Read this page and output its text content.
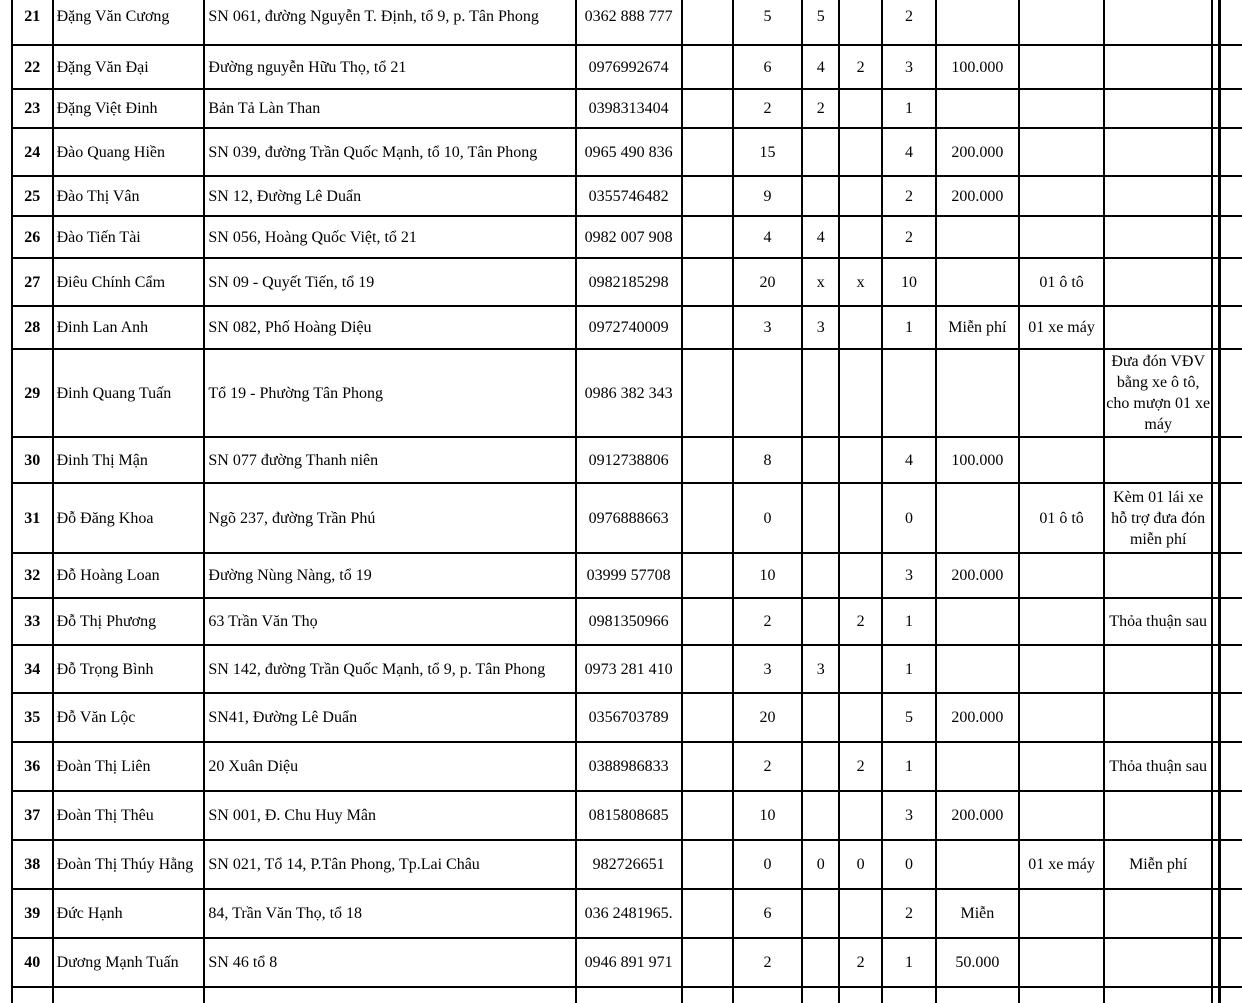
21	Đặng Văn Cương	SN 061, đường Nguyễn T. Định, tổ 9, p. Tân Phong	0362 888 777		5	5		2				
22	Đặng Văn Đại	Đường nguyễn Hữu Thọ, tổ 21	0976992674		6	4	2	3	100.000			
23	Đặng Việt Đinh	Bản Tả Làn Than	0398313404		2	2		1				
24	Đào Quang Hiền	SN 039, đường Trần Quốc Mạnh, tổ 10, Tân Phong	0965 490 836		15			4	200.000			
25	Đào Thị Vân	SN 12, Đường Lê Duẩn	0355746482		9			2	200.000			
26	Đào Tiến Tài	SN 056, Hoàng Quốc Việt, tổ 21	0982 007 908		4	4		2				
27	Điêu Chính Cẩm	SN 09 - Quyết Tiến, tổ 19	0982185298		20	x	x	10		01 ô tô		
28	Đinh Lan Anh	SN 082, Phố Hoàng Diệu	0972740009		3	3		1	Miễn phí	01 xe máy		
29	Đinh Quang Tuấn	Tổ 19 - Phường Tân Phong	0986 382 343								Đưa đón VĐV bằng xe ô tô, cho mượn 01 xe máy	
30	Đinh Thị Mận	SN 077 đường Thanh niên	0912738806		8			4	100.000			
31	Đỗ Đăng Khoa	Ngõ 237, đường Trần Phú	0976888663		0			0		01 ô tô	Kèm 01 lái xe hỗ trợ đưa đón miễn phí	
32	Đỗ Hoàng Loan	Đường Nùng Nàng, tổ 19	03999 57708		10			3	200.000			
33	Đỗ Thị Phương	63 Trần Văn Thọ	0981350966		2		2	1			Thỏa thuận sau	
34	Đỗ Trọng Bình	SN 142, đường Trần Quốc Mạnh, tổ 9, p. Tân Phong	0973 281 410		3	3		1				
35	Đỗ Văn Lộc	SN41, Đường Lê Duẩn	0356703789		20			5	200.000			
36	Đoàn Thị Liên	20 Xuân Diệu	0388986833		2		2	1			Thỏa thuận sau	
37	Đoàn Thị Thêu	SN 001, Đ. Chu Huy Mân	0815808685		10			3	200.000			
38	Đoàn Thị Thúy Hằng	SN 021, Tổ 14, P.Tân Phong, Tp.Lai Châu	982726651		0	0	0	0		01 xe máy	Miễn phí	
39	Đức Hạnh	84, Trần Văn Thọ, tổ 18	036 2481965.		6			2	Miễn			
40	Dương Mạnh Tuấn	SN 46 tổ 8	0946 891 971		2		2	1	50.000			
